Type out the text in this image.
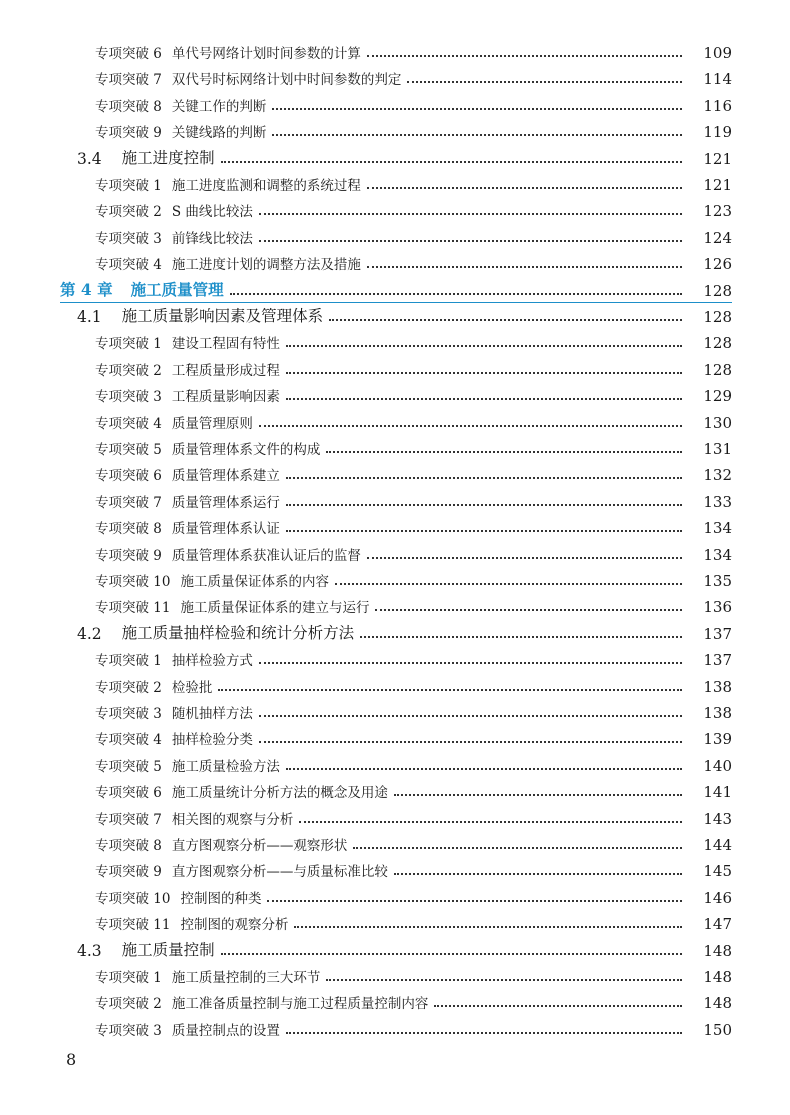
专项突破 6 单代号网络计划时间参数的计算	109
专项突破 7 双代号时标网络计划中时间参数的判定	114
专项突破 8 关键工作的判断	116
专项突破 9 关键线路的判断	119
3.4 施工进度控制	121
专项突破 1 施工进度监测和调整的系统过程	121
专项突破 2 S 曲线比较法	123
专项突破 3 前锋线比较法	124
专项突破 4 施工进度计划的调整方法及措施	126
第 4 章 施工质量管理	128
4.1 施工质量影响因素及管理体系	128
专项突破 1 建设工程固有特性	128
专项突破 2 工程质量形成过程	128
专项突破 3 工程质量影响因素	129
专项突破 4 质量管理原则	130
专项突破 5 质量管理体系文件的构成	131
专项突破 6 质量管理体系建立	132
专项突破 7 质量管理体系运行	133
专项突破 8 质量管理体系认证	134
专项突破 9 质量管理体系获准认证后的监督	134
专项突破 10 施工质量保证体系的内容	135
专项突破 11 施工质量保证体系的建立与运行	136
4.2 施工质量抽样检验和统计分析方法	137
专项突破 1 抽样检验方式	137
专项突破 2 检验批	138
专项突破 3 随机抽样方法	138
专项突破 4 抽样检验分类	139
专项突破 5 施工质量检验方法	140
专项突破 6 施工质量统计分析方法的概念及用途	141
专项突破 7 相关图的观察与分析	143
专项突破 8 直方图观察分析——观察形状	144
专项突破 9 直方图观察分析——与质量标准比较	145
专项突破 10 控制图的种类	146
专项突破 11 控制图的观察分析	147
4.3 施工质量控制	148
专项突破 1 施工质量控制的三大环节	148
专项突破 2 施工准备质量控制与施工过程质量控制内容	148
专项突破 3 质量控制点的设置	150
8
